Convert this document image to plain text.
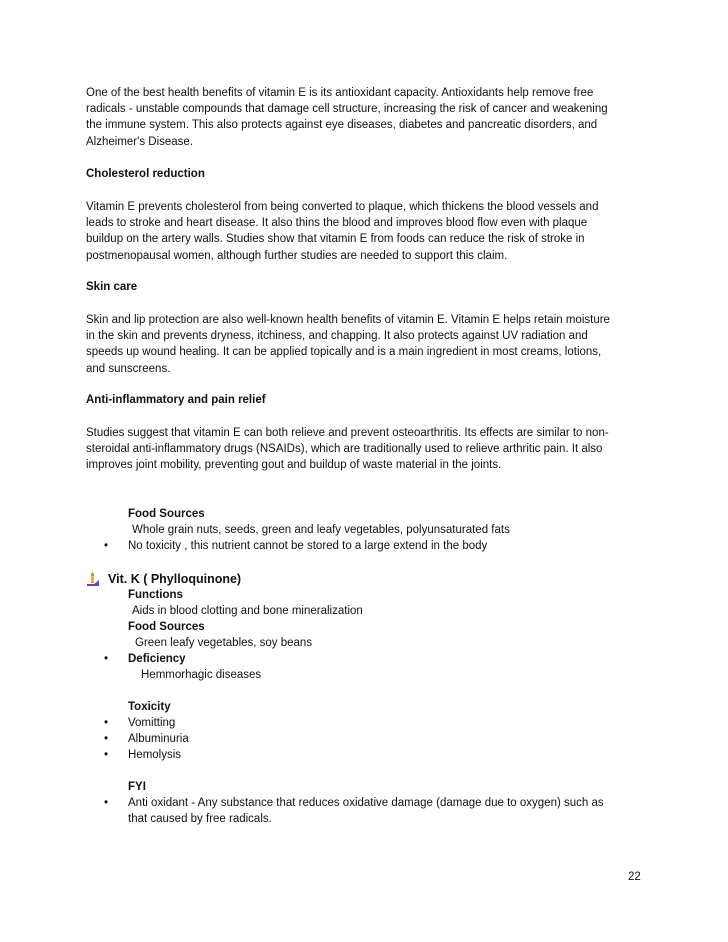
One of the best health benefits of vitamin E is its antioxidant capacity. Antioxidants help remove free
radicals - unstable compounds that damage cell structure, increasing the risk of cancer and weakening
the immune system. This also protects against eye diseases, diabetes and pancreatic disorders, and
Alzheimer's Disease.

Cholesterol reduction

Vitamin E prevents cholesterol from being converted to plaque, which thickens the blood vessels and
leads to stroke and heart disease. It also thins the blood and improves blood flow even with plaque
buildup on the artery walls. Studies show that vitamin E from foods can reduce the risk of stroke in
postmenopausal women, although further studies are needed to support this claim.

Skin care

Skin and lip protection are also well-known health benefits of vitamin E. Vitamin E helps retain moisture
in the skin and prevents dryness, itchiness, and chapping. It also protects against UV radiation and
speeds up wound healing. It can be applied topically and is a main ingredient in most creams, lotions,
and sunscreens.

Anti-inflammatory and pain relief

Studies suggest that vitamin E can both relieve and prevent osteoarthritis. Its effects are similar to non-
steroidal anti-inflammatory drugs (NSAIDs), which are traditionally used to relieve arthritic pain. It also
improves joint mobility, preventing gout and buildup of waste material in the joints.

Food Sources
Whole grain nuts, seeds, green and leafy vegetables, polyunsaturated fats
• No toxicity , this nutrient cannot be stored to a large extend in the body
Vit. K ( Phylloquinone)
Functions
Aids in blood clotting and bone mineralization
Food Sources
Green leafy vegetables, soy beans
• Deficiency
Hemmorhagic diseases
Toxicity
• Vomitting
• Albuminuria
• Hemolysis
FYI
• Anti oxidant - Any substance that reduces oxidative damage (damage due to oxygen) such as
that caused by free radicals.
22
